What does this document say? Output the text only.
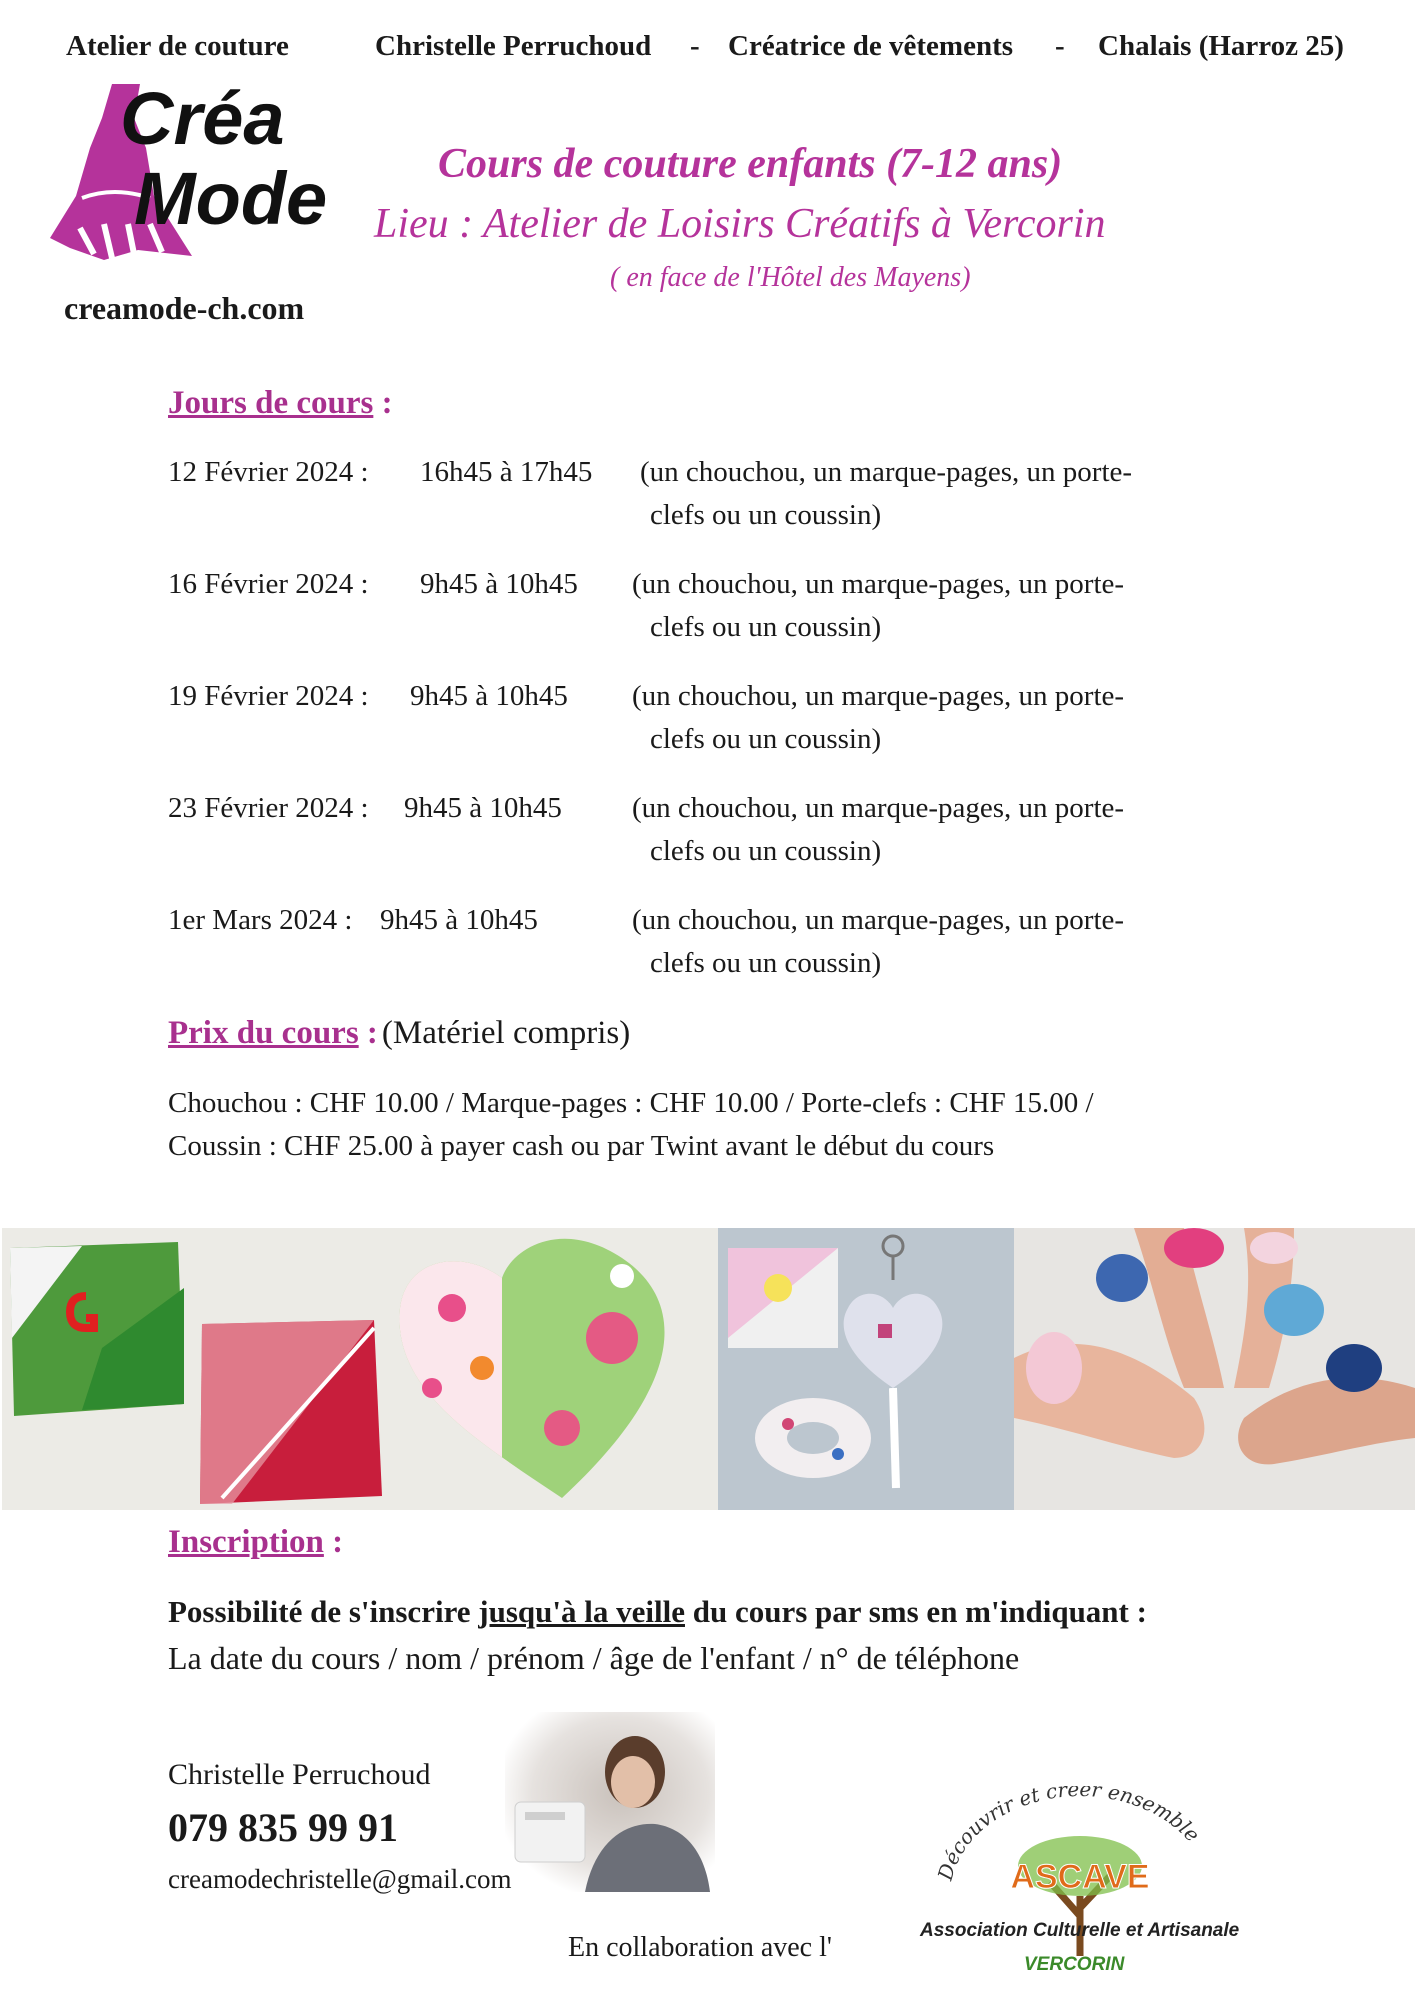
Atelier de couture	Christelle Perruchoud - Créatrice de vêtements - Chalais (Harroz 25)
Créa
Mode
creamode-ch.com
Cours de couture enfants (7-12 ans)
Lieu : Atelier de Loisirs Créatifs à Vercorin
( en face de l'Hôtel des Mayens)
Jours de cours :
12 Février 2024 : 16h45 à 17h45 (un chouchou, un marque-pages, un porte-
clefs ou un coussin)
16 Février 2024 : 9h45 à 10h45 (un chouchou, un marque-pages, un porte-
clefs ou un coussin)
19 Février 2024 : 9h45 à 10h45 (un chouchou, un marque-pages, un porte-
clefs ou un coussin)
23 Février 2024 : 9h45 à 10h45 (un chouchou, un marque-pages, un porte-
clefs ou un coussin)
1er Mars 2024 : 9h45 à 10h45	(un chouchou, un marque-pages, un porte-
clefs ou un coussin)
Prix du cours : (Matériel compris)
Chouchou : CHF 10.00 / Marque-pages : CHF 10.00 / Porte-clefs : CHF 15.00 /
Coussin : CHF 25.00 à payer cash ou par Twint avant le début du cours
Inscription :
Possibilité de s'inscrire jusqu'à la veille du cours par sms en m'indiquant :
La date du cours / nom / prénom / âge de l'enfant / n° de téléphone
Christelle Perruchoud
079 835 99 91
creamodechristelle@gmail.com
En collaboration avec l'
Découvrir et créer ensemble
ASCAVE
Association Culturelle et Artisanale
VERCORIN
